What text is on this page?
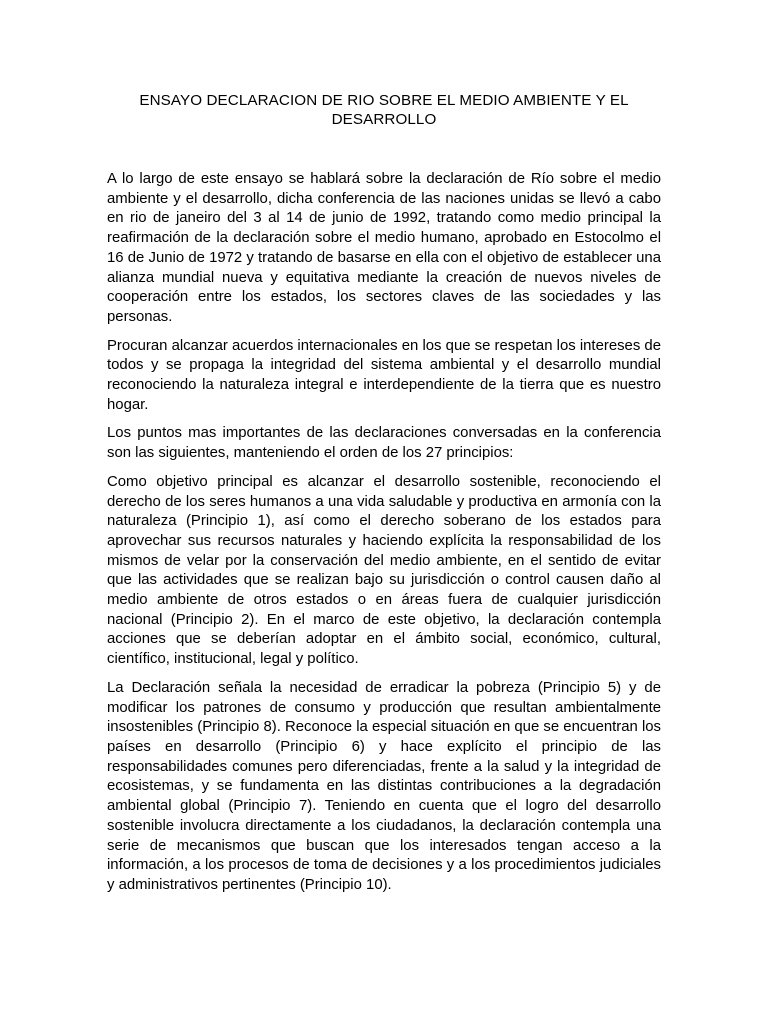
ENSAYO DECLARACION DE RIO SOBRE EL MEDIO AMBIENTE Y EL DESARROLLO

A lo largo de este ensayo se hablará sobre la declaración de Río sobre el medio ambiente y el desarrollo, dicha conferencia de las naciones unidas se llevó a cabo en rio de janeiro del 3 al 14 de junio de 1992, tratando como medio principal la reafirmación de la declaración sobre el medio humano, aprobado en Estocolmo el 16 de Junio de 1972 y tratando de basarse en ella con el objetivo de establecer una alianza mundial nueva y equitativa mediante la creación de nuevos niveles de cooperación entre los estados, los sectores claves de las sociedades y las personas.

Procuran alcanzar acuerdos internacionales en los que se respetan los intereses de todos y se propaga la integridad del sistema ambiental y el desarrollo mundial reconociendo la naturaleza integral e interdependiente de la tierra que es nuestro hogar.

Los puntos mas importantes de las declaraciones conversadas en la conferencia son las siguientes, manteniendo el orden de los 27 principios:

Como objetivo principal es alcanzar el desarrollo sostenible, reconociendo el derecho de los seres humanos a una vida saludable y productiva en armonía con la naturaleza (Principio 1), así como el derecho soberano de los estados para aprovechar sus recursos naturales y haciendo explícita la responsabilidad de los mismos de velar por la conservación del medio ambiente, en el sentido de evitar que las actividades que se realizan bajo su jurisdicción o control causen daño al medio ambiente de otros estados o en áreas fuera de cualquier jurisdicción nacional (Principio 2). En el marco de este objetivo, la declaración contempla acciones que se deberían adoptar en el ámbito social, económico, cultural, científico, institucional, legal y político.

La Declaración señala la necesidad de erradicar la pobreza (Principio 5) y de modificar los patrones de consumo y producción que resultan ambientalmente insostenibles (Principio 8). Reconoce la especial situación en que se encuentran los países en desarrollo (Principio 6) y hace explícito el principio de las responsabilidades comunes pero diferenciadas, frente a la salud y la integridad de ecosistemas, y se fundamenta en las distintas contribuciones a la degradación ambiental global (Principio 7). Teniendo en cuenta que el logro del desarrollo sostenible involucra directamente a los ciudadanos, la declaración contempla una serie de mecanismos que buscan que los interesados tengan acceso a la información, a los procesos de toma de decisiones y a los procedimientos judiciales y administrativos pertinentes (Principio 10).
